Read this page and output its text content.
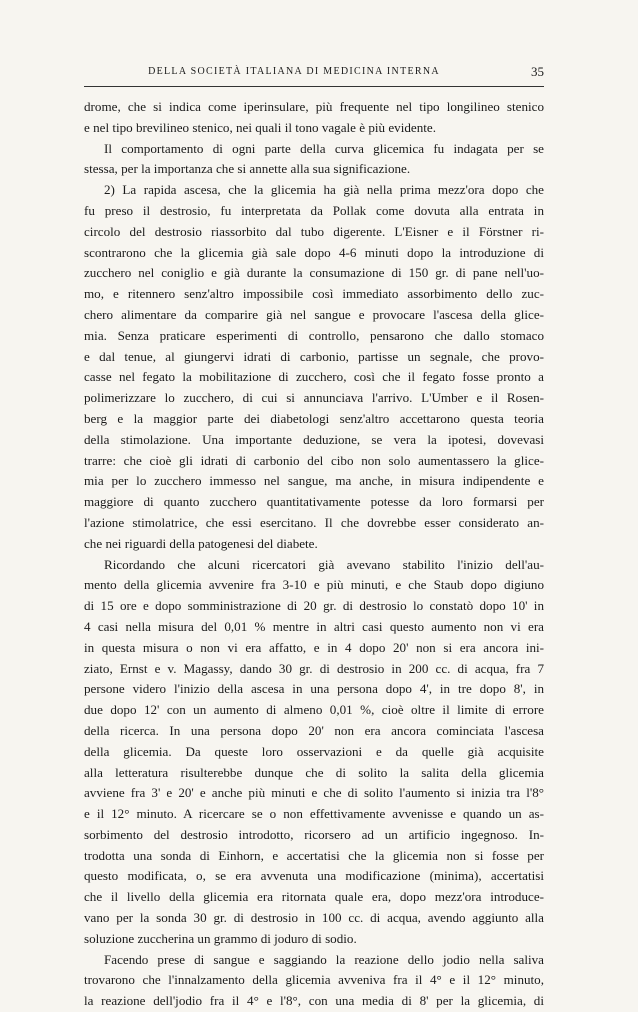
DELLA SOCIETÀ ITALIANA DI MEDICINA INTERNA	35
drome, che si indica come iperinsulare, più frequente nel tipo longilineo stenico
e nel tipo brevilineo stenico, nei quali il tono vagale è più evidente.
Il comportamento di ogni parte della curva glicemica fu indagata per se
stessa, per la importanza che si annette alla sua significazione.
2) La rapida ascesa, che la glicemia ha già nella prima mezz'ora dopo che
fu preso il destrosio, fu interpretata da Pollak come dovuta alla entrata in
circolo del destrosio riassorbito dal tubo digerente. L'Eisner e il Förstner ri-
scontrarono che la glicemia già sale dopo 4-6 minuti dopo la introduzione di
zucchero nel coniglio e già durante la consumazione di 150 gr. di pane nell'uo-
mo, e ritennero senz'altro impossibile così immediato assorbimento dello zuc-
chero alimentare da comparire già nel sangue e provocare l'ascesa della glice-
mia. Senza praticare esperimenti di controllo, pensarono che dallo stomaco
e dal tenue, al giungervi idrati di carbonio, partisse un segnale, che provo-
casse nel fegato la mobilitazione di zucchero, così che il fegato fosse pronto a
polimerizzare lo zucchero, di cui si annunciava l'arrivo. L'Umber e il Rosen-
berg e la maggior parte dei diabetologi senz'altro accettarono questa teoria
della stimolazione. Una importante deduzione, se vera la ipotesi, dovevasi
trarre: che cioè gli idrati di carbonio del cibo non solo aumentassero la glice-
mia per lo zucchero immesso nel sangue, ma anche, in misura indipendente e
maggiore di quanto zucchero quantitativamente potesse da loro formarsi per
l'azione stimolatrice, che essi esercitano. Il che dovrebbe esser considerato an-
che nei riguardi della patogenesi del diabete.
Ricordando che alcuni ricercatori già avevano stabilito l'inizio dell'au-
mento della glicemia avvenire fra 3-10 e più minuti, e che Staub dopo digiuno
di 15 ore e dopo somministrazione di 20 gr. di destrosio lo constatò dopo 10' in
4 casi nella misura del 0,01 % mentre in altri casi questo aumento non vi era
in questa misura o non vi era affatto, e in 4 dopo 20' non si era ancora ini-
ziato, Ernst e v. Magassy, dando 30 gr. di destrosio in 200 cc. di acqua, fra 7
persone videro l'inizio della ascesa in una persona dopo 4', in tre dopo 8', in
due dopo 12' con un aumento di almeno 0,01 %, cioè oltre il limite di errore
della ricerca. In una persona dopo 20' non era ancora cominciata l'ascesa
della glicemia. Da queste loro osservazioni e da quelle già acquisite
alla letteratura risulterebbe dunque che di solito la salita della glicemia
avviene fra 3' e 20' e anche più minuti e che di solito l'aumento si inizia tra l'8°
e il 12° minuto. A ricercare se o non effettivamente avvenisse e quando un as-
sorbimento del destrosio introdotto, ricorsero ad un artificio ingegnoso. In-
trodotta una sonda di Einhorn, e accertatisi che la glicemia non si fosse per
questo modificata, o, se era avvenuta una modificazione (minima), accertatisi
che il livello della glicemia era ritornata quale era, dopo mezz'ora introduce-
vano per la sonda 30 gr. di destrosio in 100 cc. di acqua, avendo aggiunto alla
soluzione zuccherina un grammo di joduro di sodio.
Facendo prese di sangue e saggiando la reazione dello jodio nella saliva
trovarono che l'innalzamento della glicemia avveniva fra il 4° e il 12° minuto,
la reazione dell'jodio fra il 4° e l'8°, con una media di 8' per la glicemia, di
